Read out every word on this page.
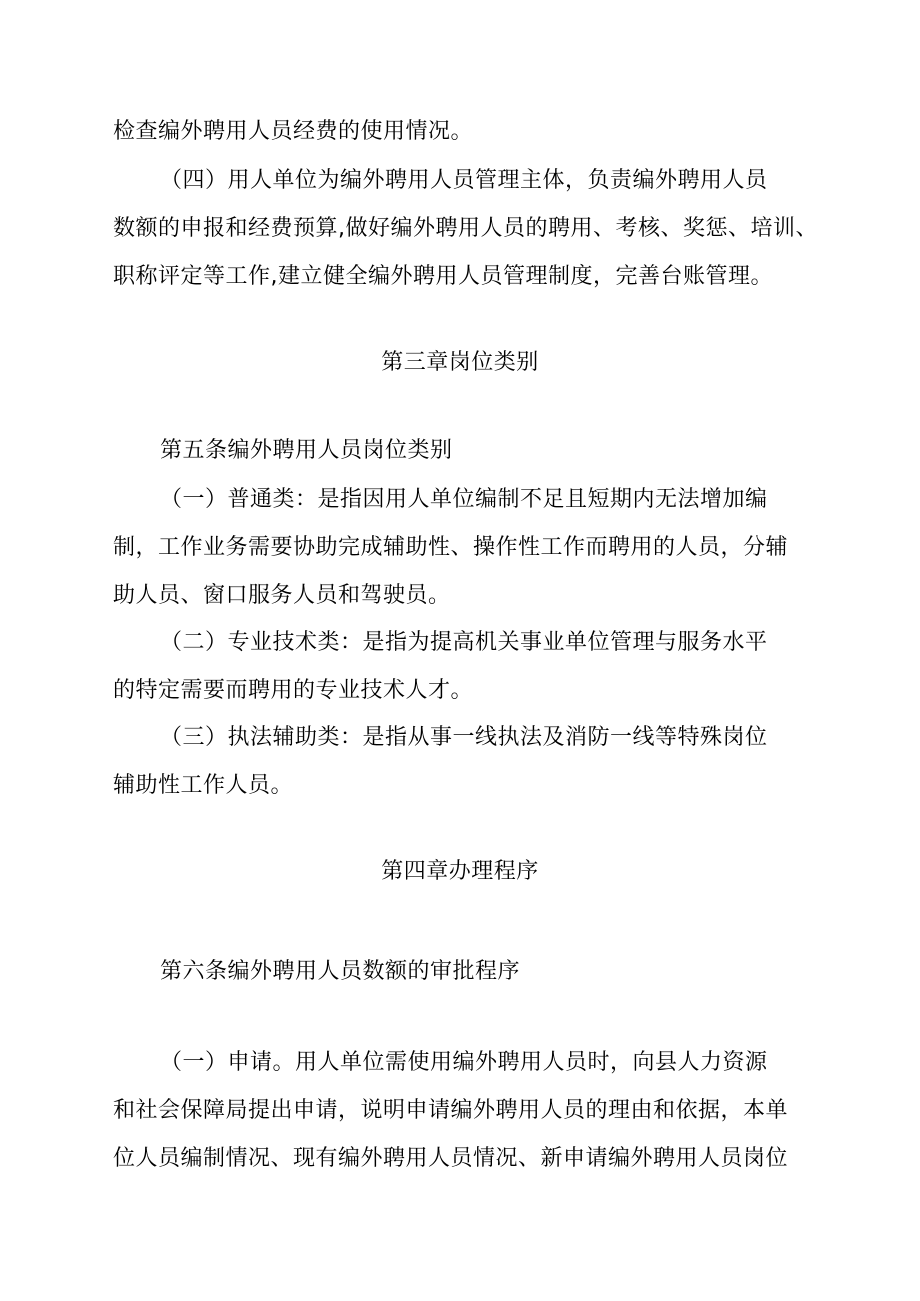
检查编外聘用人员经费的使用情况。
（四）用人单位为编外聘用人员管理主体，负责编外聘用人员
数额的申报和经费预算,做好编外聘用人员的聘用、考核、奖惩、培训、
职称评定等工作,建立健全编外聘用人员管理制度，完善台账管理。
第三章岗位类别
第五条编外聘用人员岗位类别
（一）普通类：是指因用人单位编制不足且短期内无法增加编
制，工作业务需要协助完成辅助性、操作性工作而聘用的人员，分辅
助人员、窗口服务人员和驾驶员。
（二）专业技术类：是指为提高机关事业单位管理与服务水平
的特定需要而聘用的专业技术人才。
（三）执法辅助类：是指从事一线执法及消防一线等特殊岗位
辅助性工作人员。
第四章办理程序
第六条编外聘用人员数额的审批程序
（一）申请。用人单位需使用编外聘用人员时，向县人力资源
和社会保障局提出申请，说明申请编外聘用人员的理由和依据，本单
位人员编制情况、现有编外聘用人员情况、新申请编外聘用人员岗位
